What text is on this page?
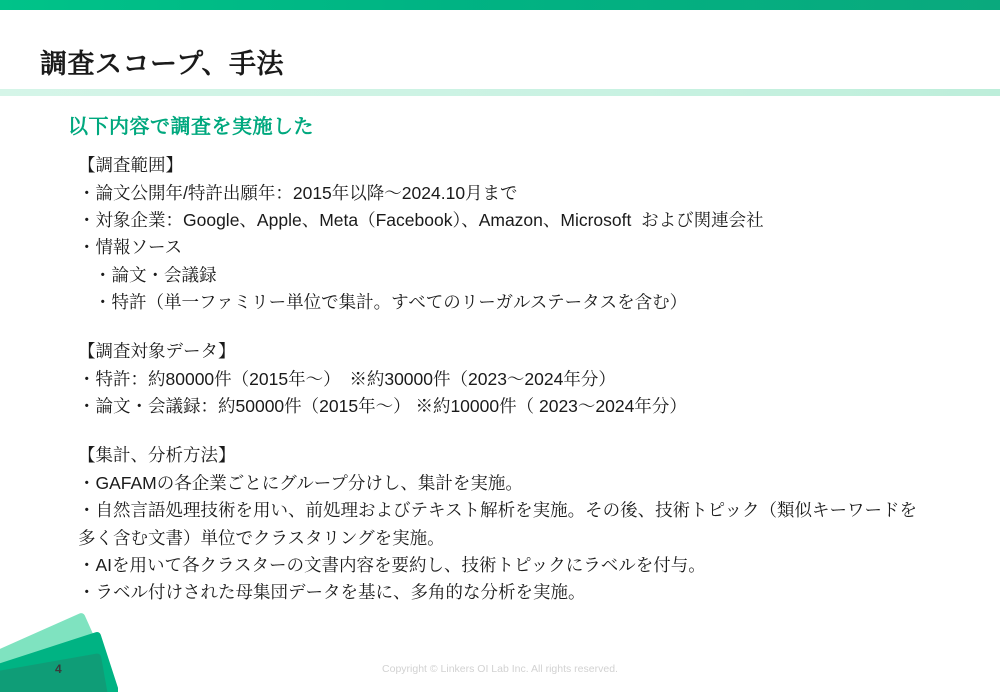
調査スコープ、手法
以下内容で調査を実施した
【調査範囲】
・論文公開年/特許出願年：2015年以降～2024.10月まで
・対象企業：Google、Apple、Meta（Facebook）、Amazon、Microsoft  および関連会社
・情報ソース
・論文・会議録
・特許（単一ファミリー単位で集計。すべてのリーガルステータスを含む）
【調査対象データ】
・特許：約80000件（2015年～）　※約30000件（2023～2024年分）
・論文・会議録：約50000件（2015年～） ※約10000件（ 2023～2024年分）
【集計、分析方法】
・GAFAMの各企業ごとにグループ分けし、集計を実施。
・自然言語処理技術を用い、前処理およびテキスト解析を実施。その後、技術トピック（類似キーワードを
多く含む文書）単位でクラスタリングを実施。
・AIを用いて各クラスターの文書内容を要約し、技術トピックにラベルを付与。
・ラベル付けされた母集団データを基に、多角的な分析を実施。
4	Copyright © Linkers OI Lab Inc. All rights reserved.
